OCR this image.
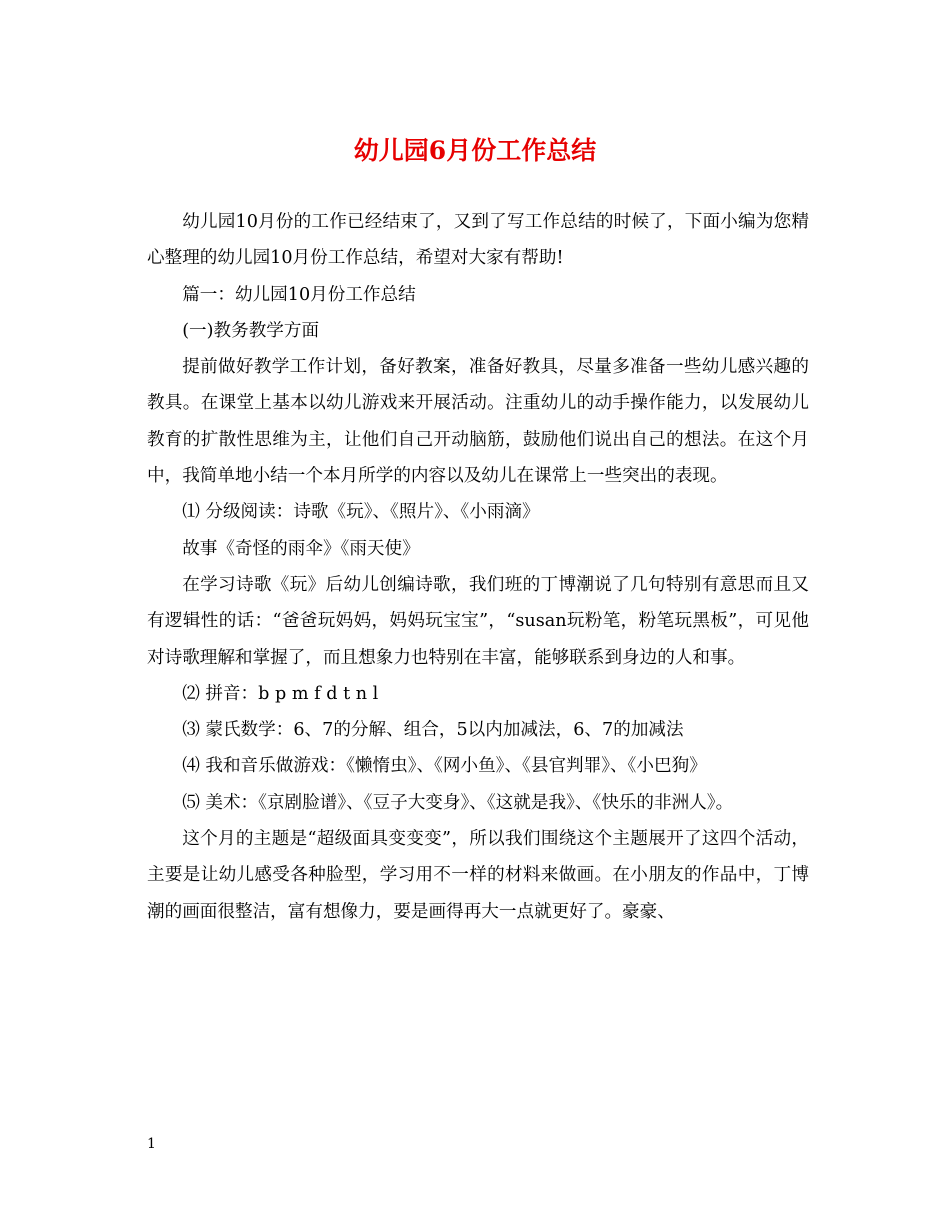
幼儿园6月份工作总结

幼儿园10月份的工作已经结束了，又到了写工作总结的时候了，下面小编为您精心整理的幼儿园10月份工作总结，希望对大家有帮助!

篇一：幼儿园10月份工作总结

(一)教务教学方面

提前做好教学工作计划，备好教案，准备好教具，尽量多准备一些幼儿感兴趣的教具。在课堂上基本以幼儿游戏来开展活动。注重幼儿的动手操作能力，以发展幼儿教育的扩散性思维为主，让他们自己开动脑筋，鼓励他们说出自己的想法。在这个月中，我简单地小结一个本月所学的内容以及幼儿在课常上一些突出的表现。

⑴ 分级阅读：诗歌《玩》、《照片》、《小雨滴》

故事《奇怪的雨伞》《雨天使》

在学习诗歌《玩》后幼儿创编诗歌，我们班的丁博潮说了几句特别有意思而且又有逻辑性的话：“爸爸玩妈妈，妈妈玩宝宝”，“susan玩粉笔，粉笔玩黑板”，可见他对诗歌理解和掌握了，而且想象力也特别在丰富，能够联系到身边的人和事。

⑵ 拼音：b p m f d t n l

⑶ 蒙氏数学：6、7的分解、组合，5以内加减法，6、7的加减法

⑷ 我和音乐做游戏：《懒惰虫》、《网小鱼》、《县官判罪》、《小巴狗》

⑸ 美术：《京剧脸谱》、《豆子大变身》、《这就是我》、《快乐的非洲人》。

这个月的主题是“超级面具变变变”，所以我们围绕这个主题展开了这四个活动，主要是让幼儿感受各种脸型，学习用不一样的材料来做画。在小朋友的作品中，丁博潮的画面很整洁，富有想像力，要是画得再大一点就更好了。豪豪、

1
